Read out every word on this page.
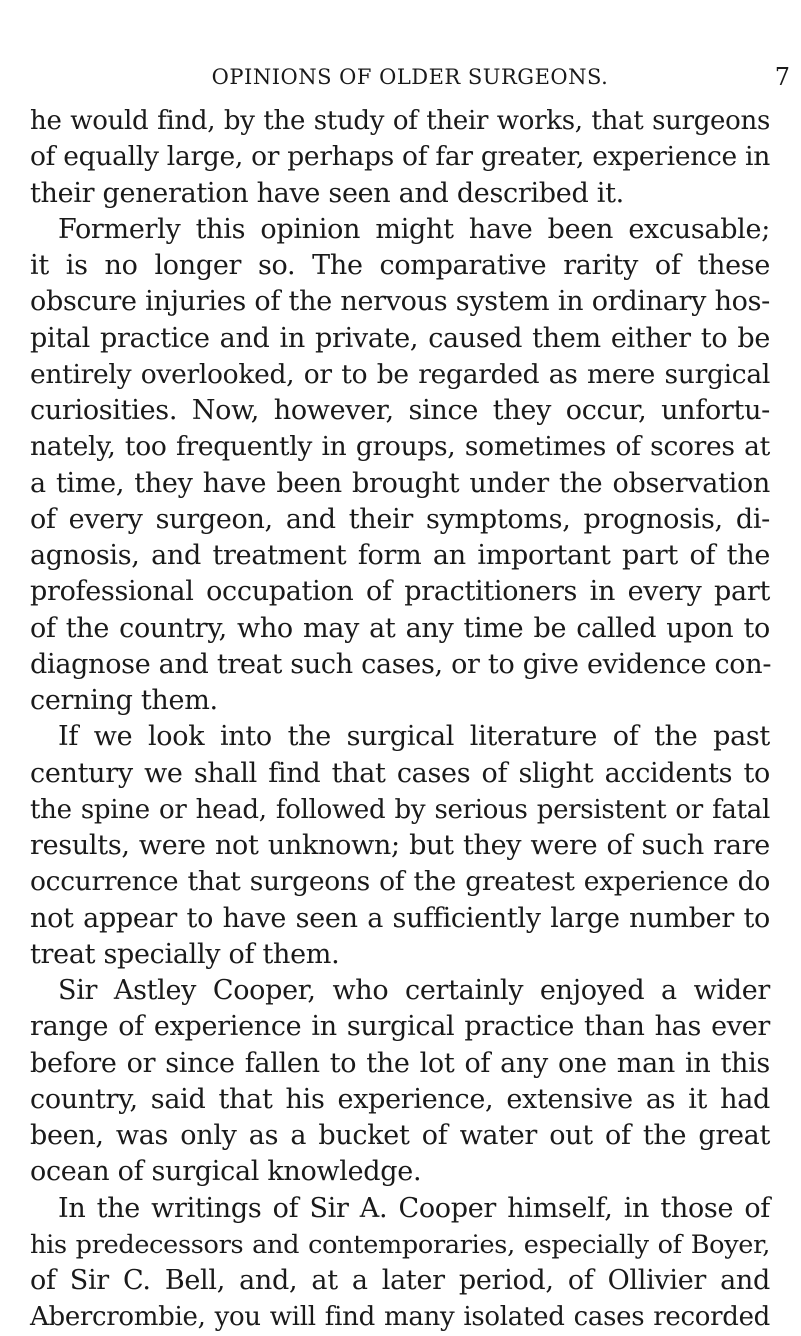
OPINIONS OF OLDER SURGEONS.	7
he would find, by the study of their works, that surgeons
of equally large, or perhaps of far greater, experience in
their generation have seen and described it.
Formerly this opinion might have been excusable;
it is no longer so. The comparative rarity of these
obscure injuries of the nervous system in ordinary hos-
pital practice and in private, caused them either to be
entirely overlooked, or to be regarded as mere surgical
curiosities. Now, however, since they occur, unfortu-
nately, too frequently in groups, sometimes of scores at
a time, they have been brought under the observation
of every surgeon, and their symptoms, prognosis, di-
agnosis, and treatment form an important part of the
professional occupation of practitioners in every part
of the country, who may at any time be called upon to
diagnose and treat such cases, or to give evidence con-
cerning them.
If we look into the surgical literature of the past
century we shall find that cases of slight accidents to
the spine or head, followed by serious persistent or fatal
results, were not unknown; but they were of such rare
occurrence that surgeons of the greatest experience do
not appear to have seen a sufficiently large number to
treat specially of them.
Sir Astley Cooper, who certainly enjoyed a wider
range of experience in surgical practice than has ever
before or since fallen to the lot of any one man in this
country, said that his experience, extensive as it had
been, was only as a bucket of water out of the great
ocean of surgical knowledge.
In the writings of Sir A. Cooper himself, in those of
his predecessors and contemporaries, especially of Boyer,
of Sir C. Bell, and, at a later period, of Ollivier and
Abercrombie, you will find many isolated cases recorded
